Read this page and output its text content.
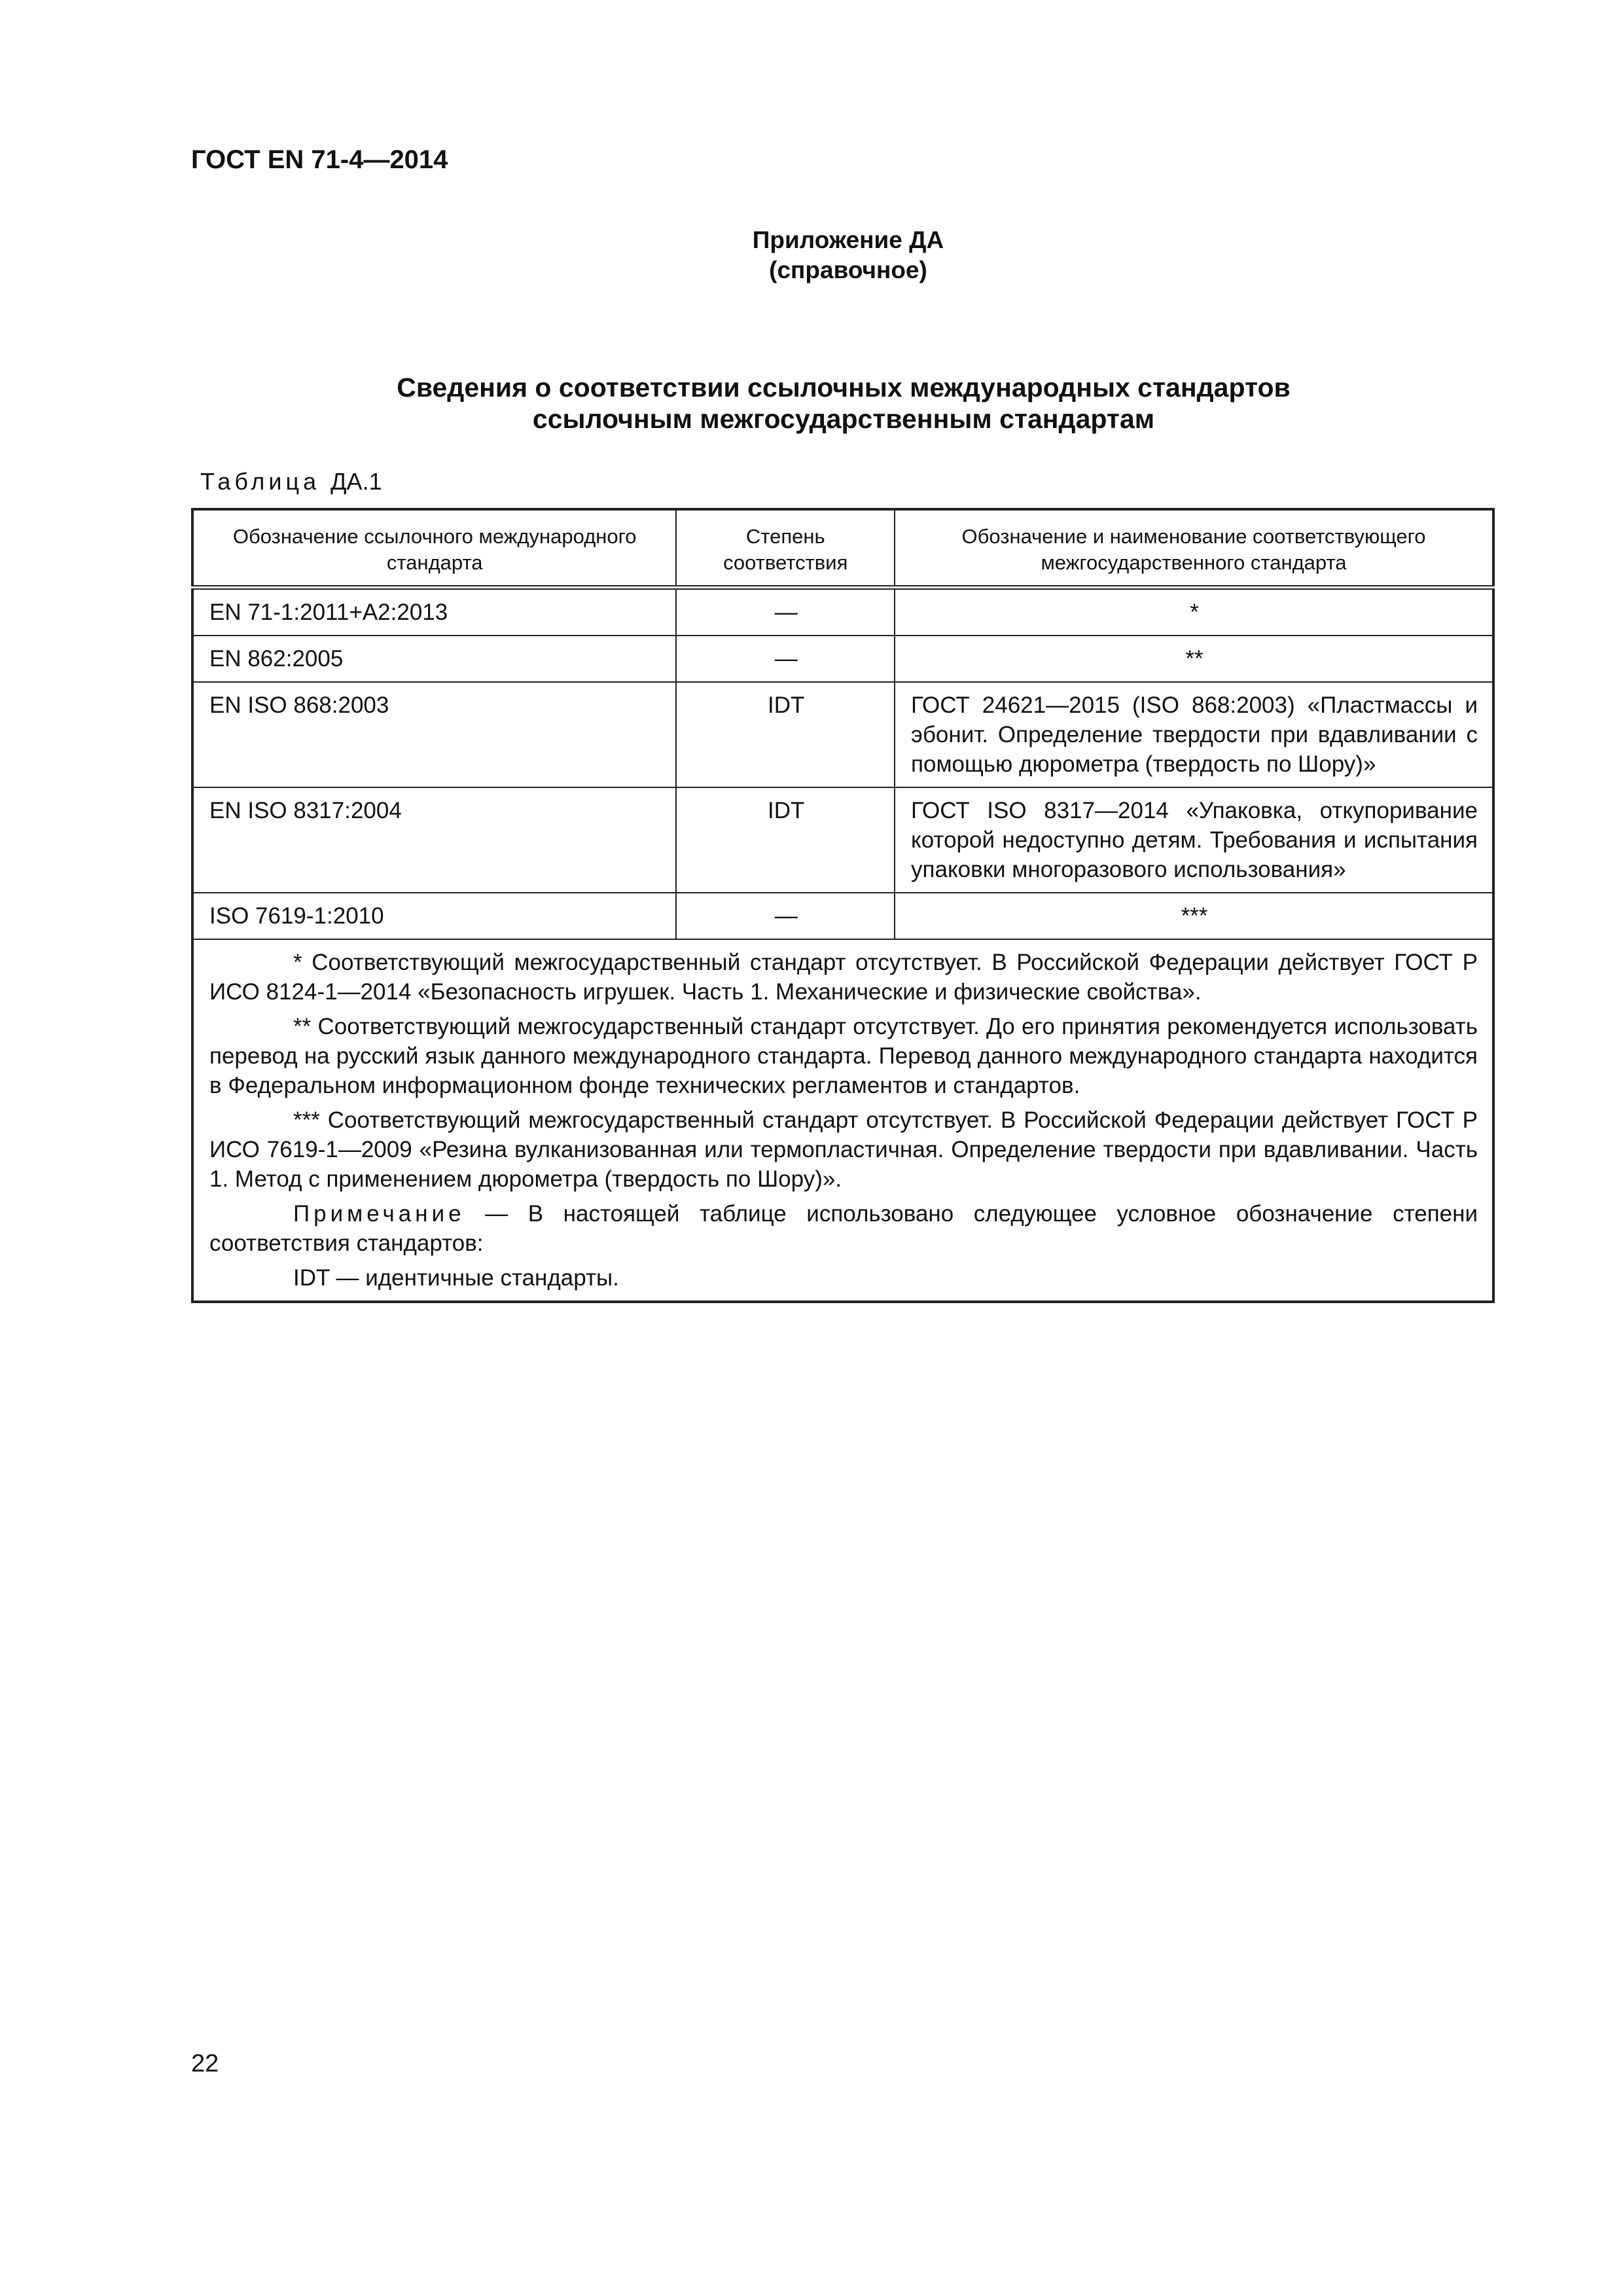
ГОСТ EN 71-4—2014
Приложение ДА
(справочное)
Сведения о соответствии ссылочных международных стандартов
ссылочным межгосударственным стандартам
Таблица ДА.1
Обозначение ссылочного международного стандарта	Степень соответствия	Обозначение и наименование соответствующего межгосударственного стандарта
EN 71-1:2011+A2:2013	—	*
EN 862:2005	—	**
EN ISO 868:2003	IDT	ГОСТ 24621—2015 (ISO 868:2003) «Пластмассы и эбонит. Определение твердости при вдавливании с помощью дюрометра (твердость по Шору)»
EN ISO 8317:2004	IDT	ГОСТ ISO 8317—2014 «Упаковка, откупоривание которой недоступно детям. Требования и испытания упаковки многоразового использования»
ISO 7619-1:2010	—	***

* Соответствующий межгосударственный стандарт отсутствует. В Российской Федерации действует ГОСТ Р ИСО 8124-1—2014 «Безопасность игрушек. Часть 1. Механические и физические свойства».

** Соответствующий межгосударственный стандарт отсутствует. До его принятия рекомендуется использовать перевод на русский язык данного международного стандарта. Перевод данного международного стандарта находится в Федеральном информационном фонде технических регламентов и стандартов.

*** Соответствующий межгосударственный стандарт отсутствует. В Российской Федерации действует ГОСТ Р ИСО 7619-1—2009 «Резина вулканизованная или термопластичная. Определение твердости при вдавливании. Часть 1. Метод с применением дюрометра (твердость по Шору)».

Примечание — В настоящей таблице использовано следующее условное обозначение степени соответствия стандартов:

IDT — идентичные стандарты.		

22
